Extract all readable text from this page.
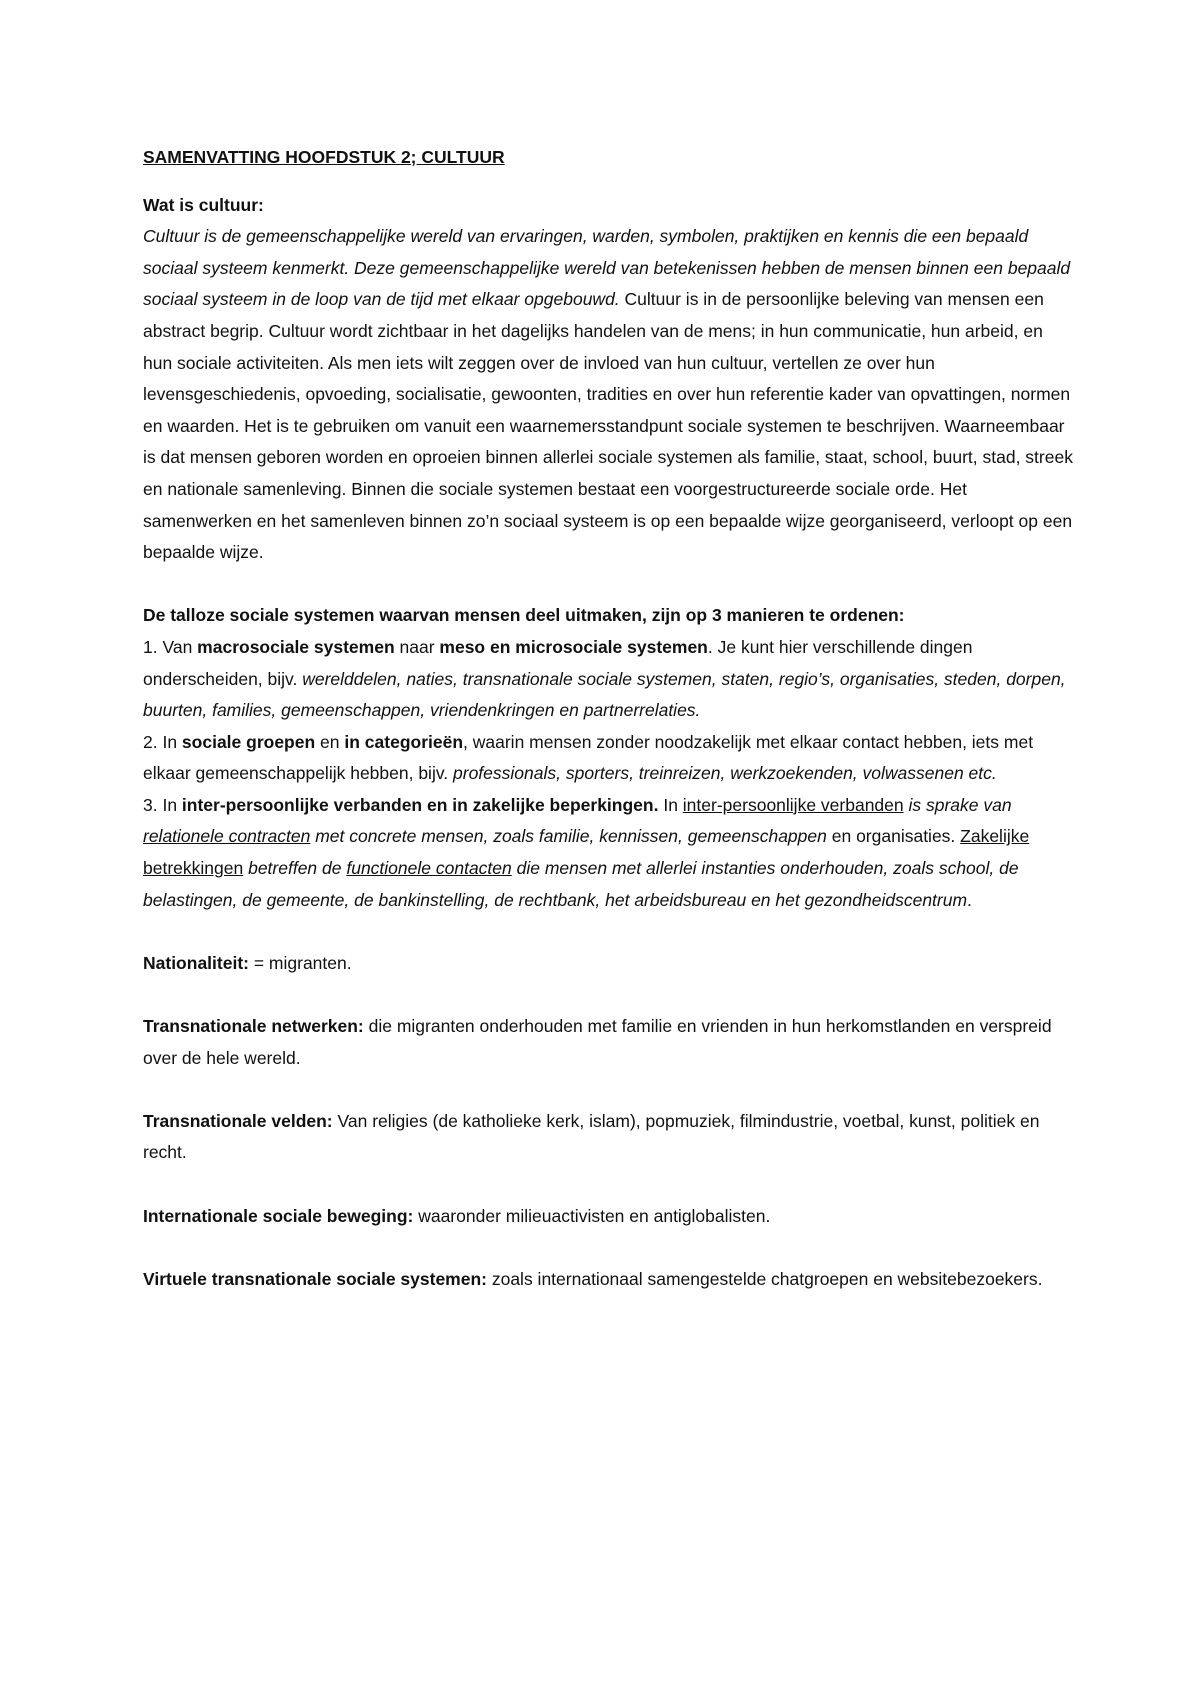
SAMENVATTING HOOFDSTUK 2; CULTUUR

Wat is cultuur:

Cultuur is de gemeenschappelijke wereld van ervaringen, warden, symbolen, praktijken en kennis die een bepaald sociaal systeem kenmerkt. Deze gemeenschappelijke wereld van betekenissen hebben de mensen binnen een bepaald sociaal systeem in de loop van de tijd met elkaar opgebouwd. Cultuur is in de persoonlijke beleving van mensen een abstract begrip. Cultuur wordt zichtbaar in het dagelijks handelen van de mens; in hun communicatie, hun arbeid, en hun sociale activiteiten. Als men iets wilt zeggen over de invloed van hun cultuur, vertellen ze over hun levensgeschiedenis, opvoeding, socialisatie, gewoonten, tradities en over hun referentie kader van opvattingen, normen en waarden. Het is te gebruiken om vanuit een waarnemersstandpunt sociale systemen te beschrijven. Waarneembaar is dat mensen geboren worden en oproeien binnen allerlei sociale systemen als familie, staat, school, buurt, stad, streek en nationale samenleving. Binnen die sociale systemen bestaat een voorgestructureerde sociale orde. Het samenwerken en het samenleven binnen zo’n sociaal systeem is op een bepaalde wijze georganiseerd, verloopt op een bepaalde wijze.

De talloze sociale systemen waarvan mensen deel uitmaken, zijn op 3 manieren te ordenen:

1. Van macrosociale systemen naar meso en microsociale systemen. Je kunt hier verschillende dingen onderscheiden, bijv. werelddelen, naties, transnationale sociale systemen, staten, regio’s, organisaties, steden, dorpen, buurten, families, gemeenschappen, vriendenkringen en partnerrelaties.

2. In sociale groepen en in categorieën, waarin mensen zonder noodzakelijk met elkaar contact hebben, iets met elkaar gemeenschappelijk hebben, bijv. professionals, sporters, treinreizen, werkzoekenden, volwassenen etc.

3. In inter-persoonlijke verbanden en in zakelijke beperkingen. In inter-persoonlijke verbanden is sprake van relationele contracten met concrete mensen, zoals familie, kennissen, gemeenschappen en organisaties. Zakelijke betrekkingen betreffen de functionele contacten die mensen met allerlei instanties onderhouden, zoals school, de belastingen, de gemeente, de bankinstelling, de rechtbank, het arbeidsbureau en het gezondheidscentrum.

Nationaliteit: = migranten.

Transnationale netwerken: die migranten onderhouden met familie en vrienden in hun herkomstlanden en verspreid over de hele wereld.

Transnationale velden: Van religies (de katholieke kerk, islam), popmuziek, filmindustrie, voetbal, kunst, politiek en recht.

Internationale sociale beweging: waaronder milieuactivisten en antiglobalisten.

Virtuele transnationale sociale systemen: zoals internationaal samengestelde chatgroepen en websitebezoekers.
